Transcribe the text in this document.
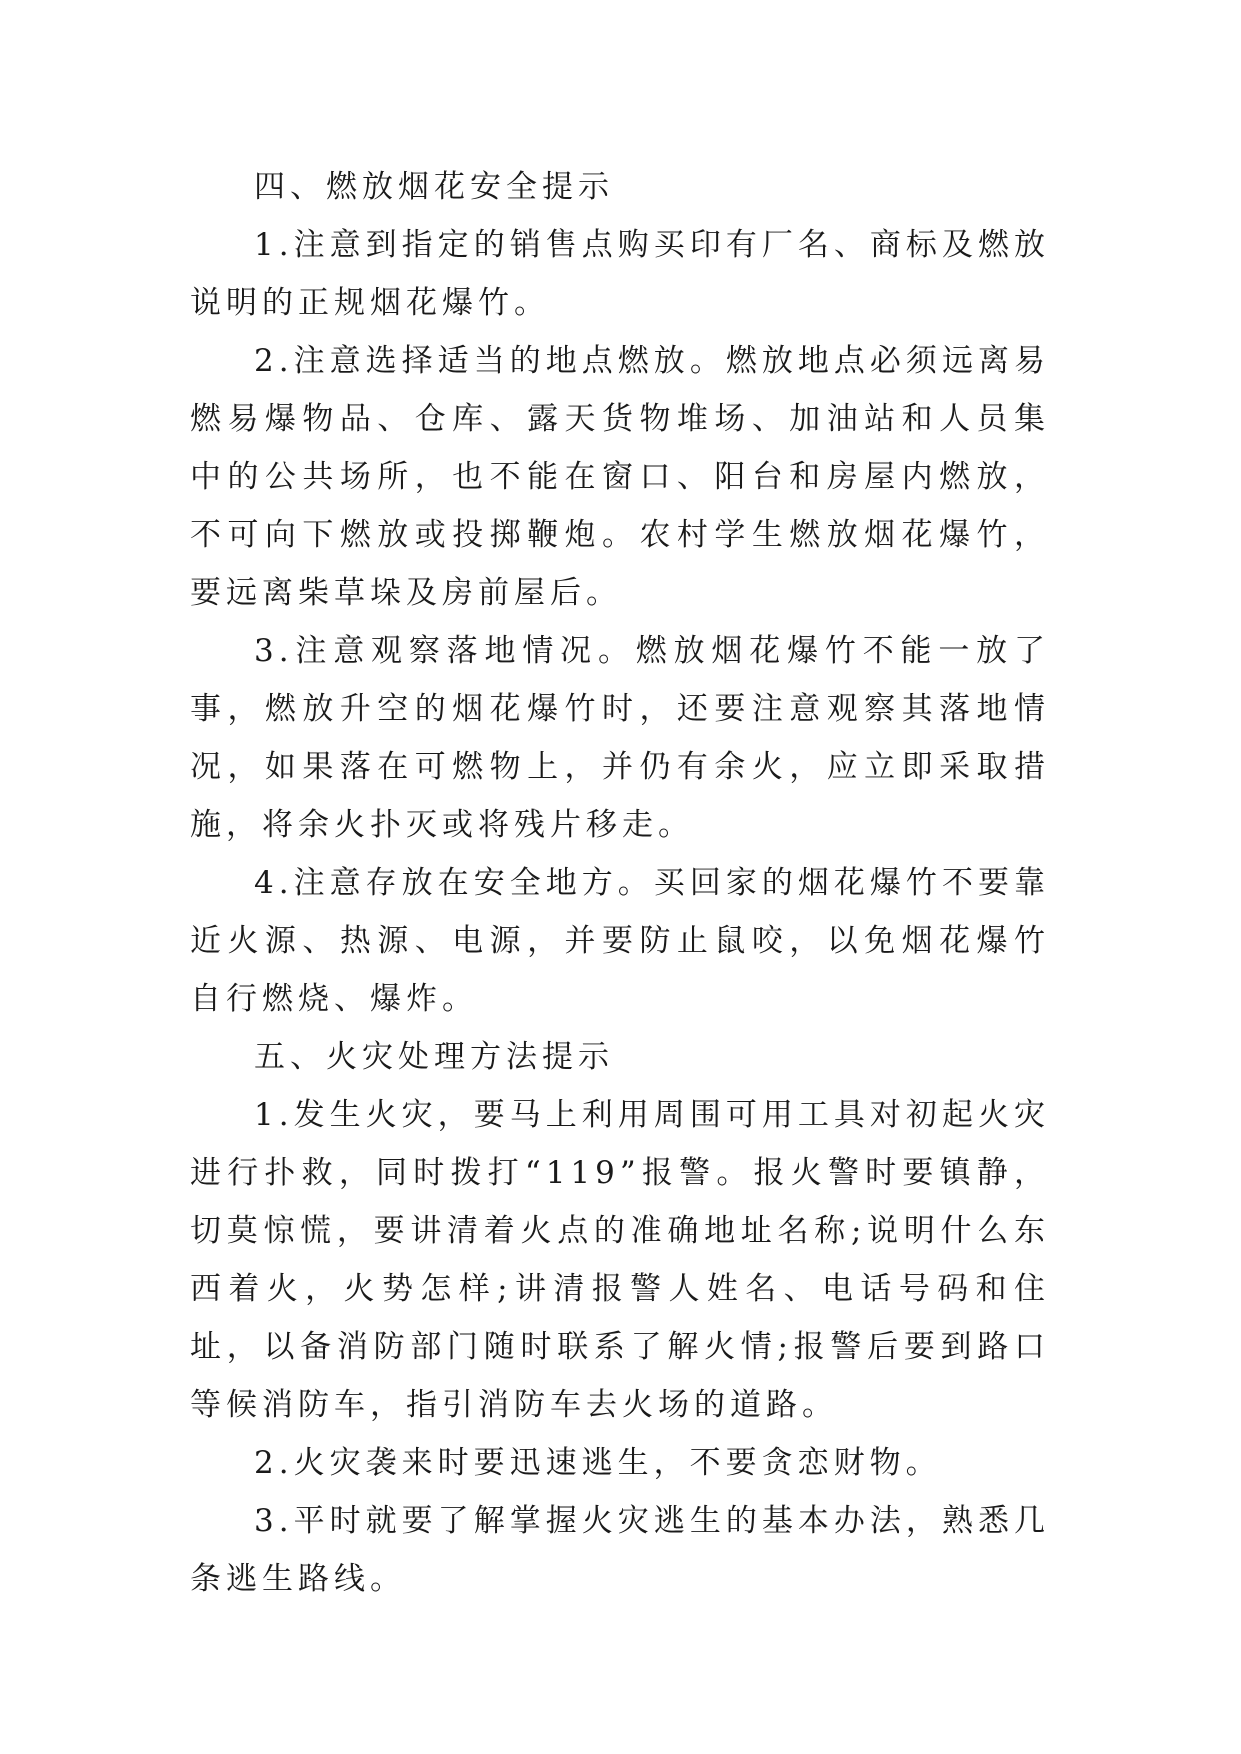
四、燃放烟花安全提示

1.注意到指定的销售点购买印有厂名、商标及燃放说明的正规烟花爆竹。

2.注意选择适当的地点燃放。燃放地点必须远离易燃易爆物品、仓库、露天货物堆场、加油站和人员集中的公共场所，也不能在窗口、阳台和房屋内燃放，不可向下燃放或投掷鞭炮。农村学生燃放烟花爆竹，要远离柴草垛及房前屋后。

3.注意观察落地情况。燃放烟花爆竹不能一放了事，燃放升空的烟花爆竹时，还要注意观察其落地情况，如果落在可燃物上，并仍有余火，应立即采取措施，将余火扑灭或将残片移走。

4.注意存放在安全地方。买回家的烟花爆竹不要靠近火源、热源、电源，并要防止鼠咬，以免烟花爆竹自行燃烧、爆炸。

五、火灾处理方法提示

1.发生火灾，要马上利用周围可用工具对初起火灾进行扑救，同时拨打“119”报警。报火警时要镇静，切莫惊慌，要讲清着火点的准确地址名称;说明什么东西着火，火势怎样;讲清报警人姓名、电话号码和住址，以备消防部门随时联系了解火情;报警后要到路口等候消防车，指引消防车去火场的道路。

2.火灾袭来时要迅速逃生，不要贪恋财物。

3.平时就要了解掌握火灾逃生的基本办法，熟悉几条逃生路线。
